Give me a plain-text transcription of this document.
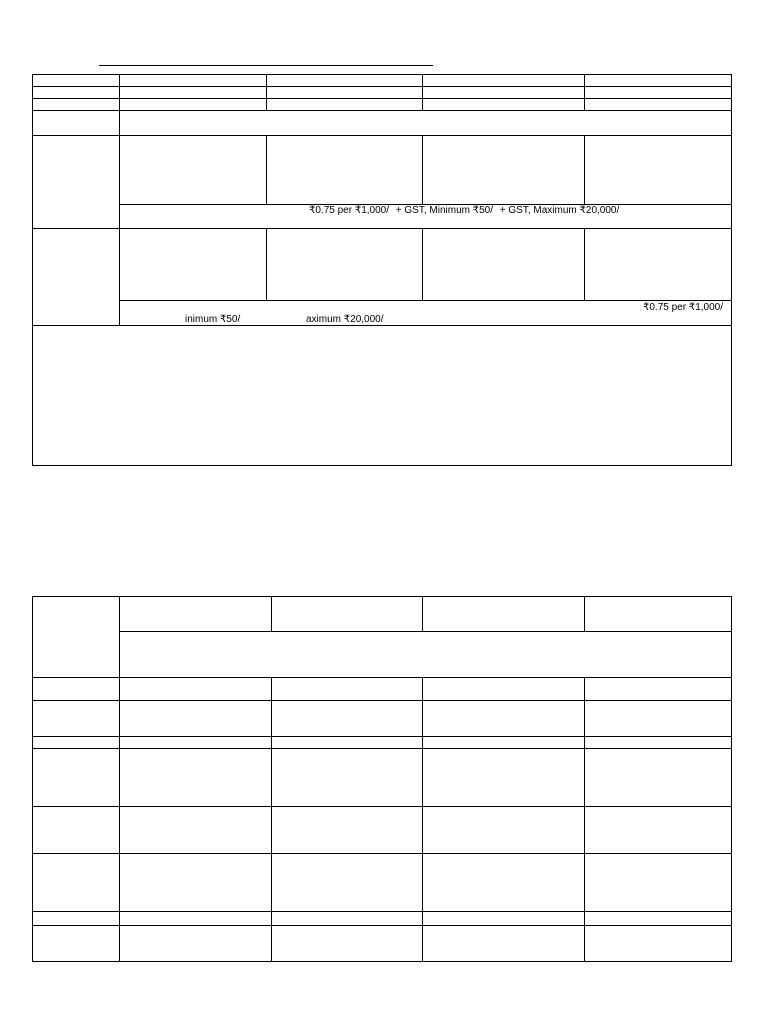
₹0.75 per ₹1,000/ + GST, Minimum ₹50/ + GST, Maximum ₹20,000/
₹0.75 per ₹1,000/
inimum ₹50/	aximum ₹20,000/
